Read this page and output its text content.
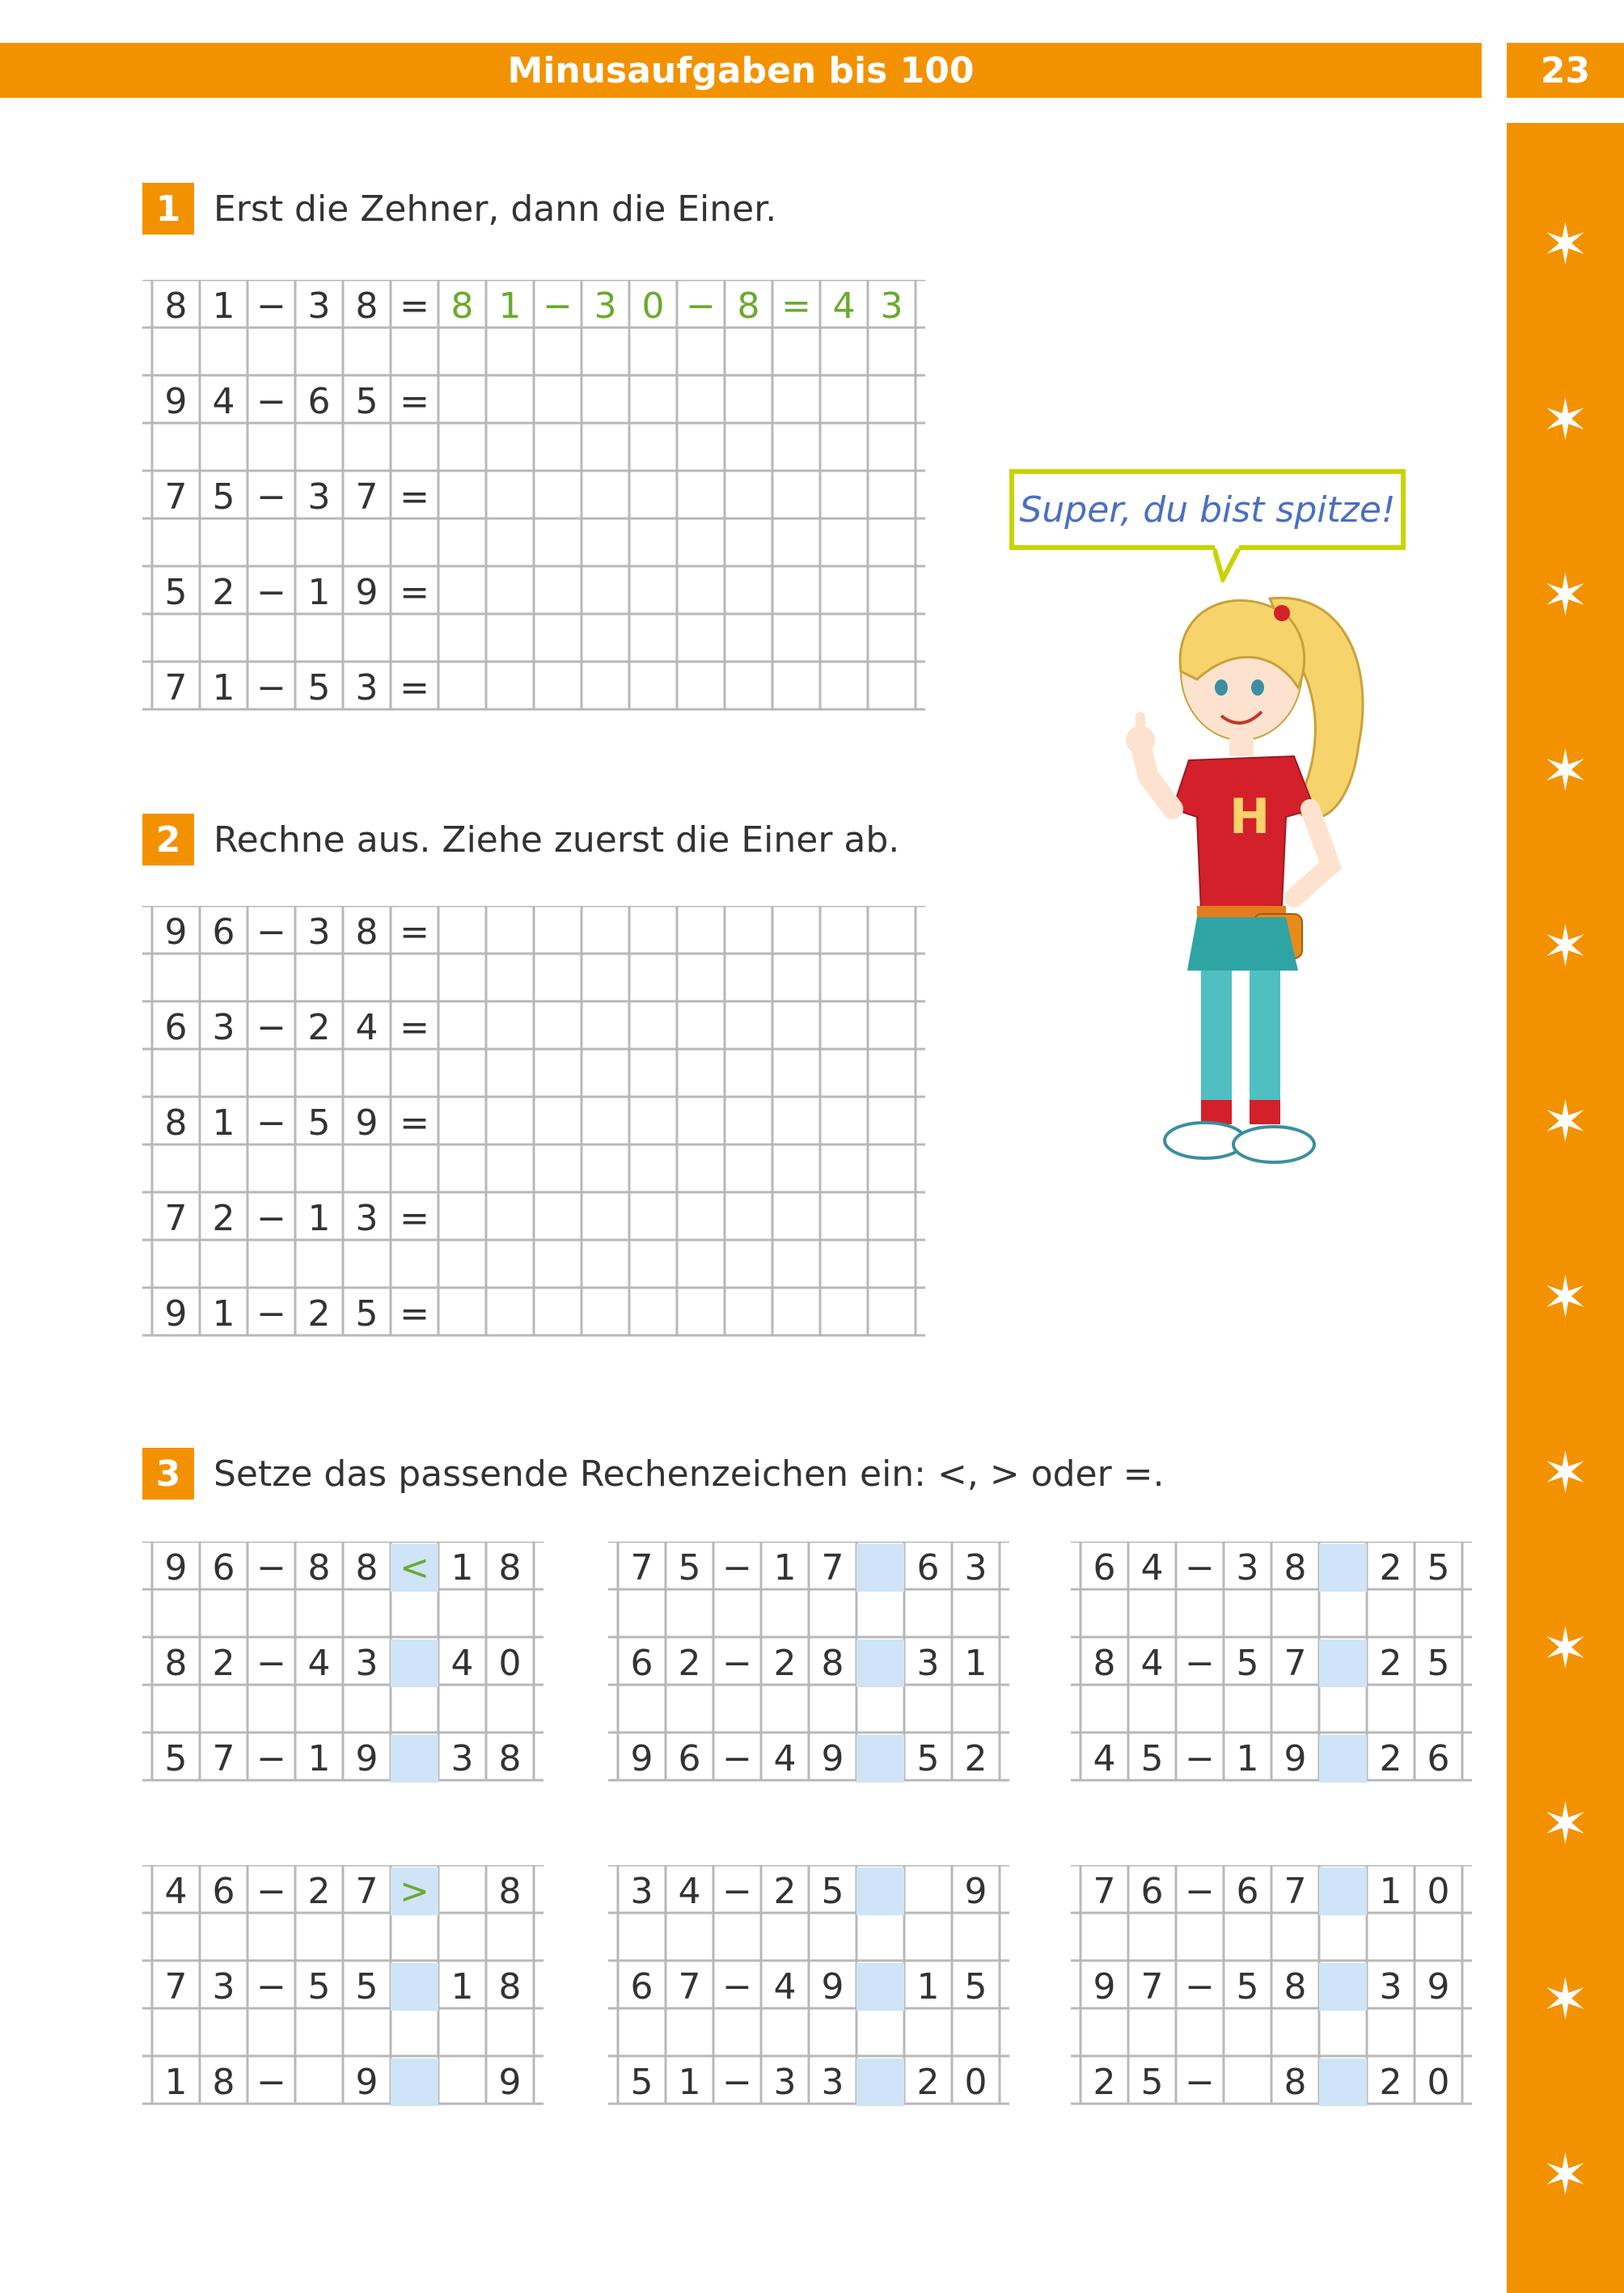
Minusaufgaben bis 100	23
✶
✶
✶
✶
✶
✶
✶
✶
✶
✶
✶
✶
1 Erst die Zehner, dann die Einer.
2 Rechne aus. Ziehe zuerst die Einer ab.
3 Setze das passende Rechenzeichen ein: <, > oder =.
8 1 − 3 8 = 8 1 − 3 0 − 8 = 4 3
9 4 − 6 5 =
7 5 − 3 7 =
5 2 − 1 9 =
7 1 − 5 3 =
9 6 − 3 8 =
6 3 − 2 4 =
8 1 − 5 9 =
7 2 − 1 3 =
9 1 − 2 5 =
4 6 − 2 7 >	8
7 3 − 5 5	1 8
1 8 −	9	9
3 4 − 2 5	9
6 7 − 4 9	1 5
5 1 − 3 3	2 0
7 6 − 6 7	1 0
9 7 − 5 8	3 9
2 5 −	8	2 0
9 6 − 8 8 < 1 8
8 2 − 4 3	4 0
5 7 − 1 9	3 8
7 5 − 1 7	6 3
6 2 − 2 8	3 1
9 6 − 4 9	5 2
6 4 − 3 8	2 5
8 4 − 5 7	2 5
4 5 − 1 9	2 6
Super, du bist spitze!
H
